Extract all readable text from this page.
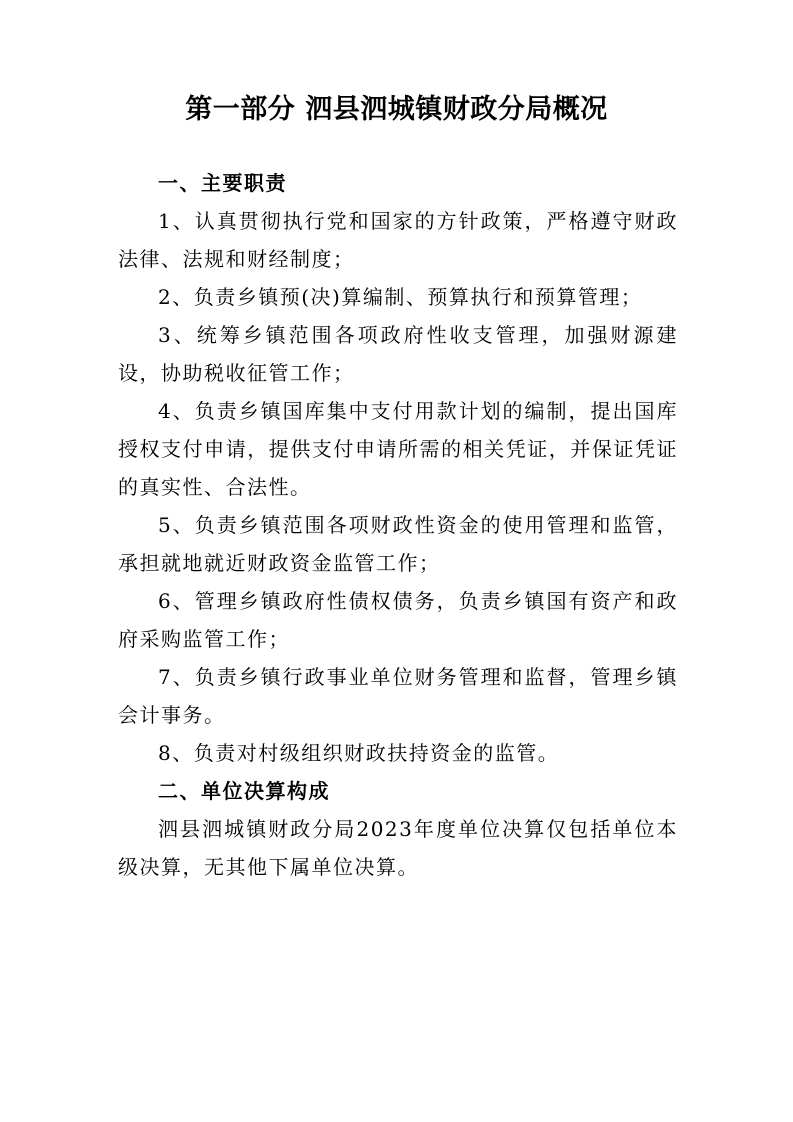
第一部分 泗县泗城镇财政分局概况

一、主要职责

1、认真贯彻执行党和国家的方针政策，严格遵守财政法律、法规和财经制度；

2、负责乡镇预(决)算编制、预算执行和预算管理；

3、统筹乡镇范围各项政府性收支管理，加强财源建设，协助税收征管工作；

4、负责乡镇国库集中支付用款计划的编制，提出国库授权支付申请，提供支付申请所需的相关凭证，并保证凭证的真实性、合法性。

5、负责乡镇范围各项财政性资金的使用管理和监管，承担就地就近财政资金监管工作；

6、管理乡镇政府性债权债务，负责乡镇国有资产和政府采购监管工作；

7、负责乡镇行政事业单位财务管理和监督，管理乡镇会计事务。

8、负责对村级组织财政扶持资金的监管。

二、单位决算构成

泗县泗城镇财政分局2023年度单位决算仅包括单位本级决算，无其他下属单位决算。
